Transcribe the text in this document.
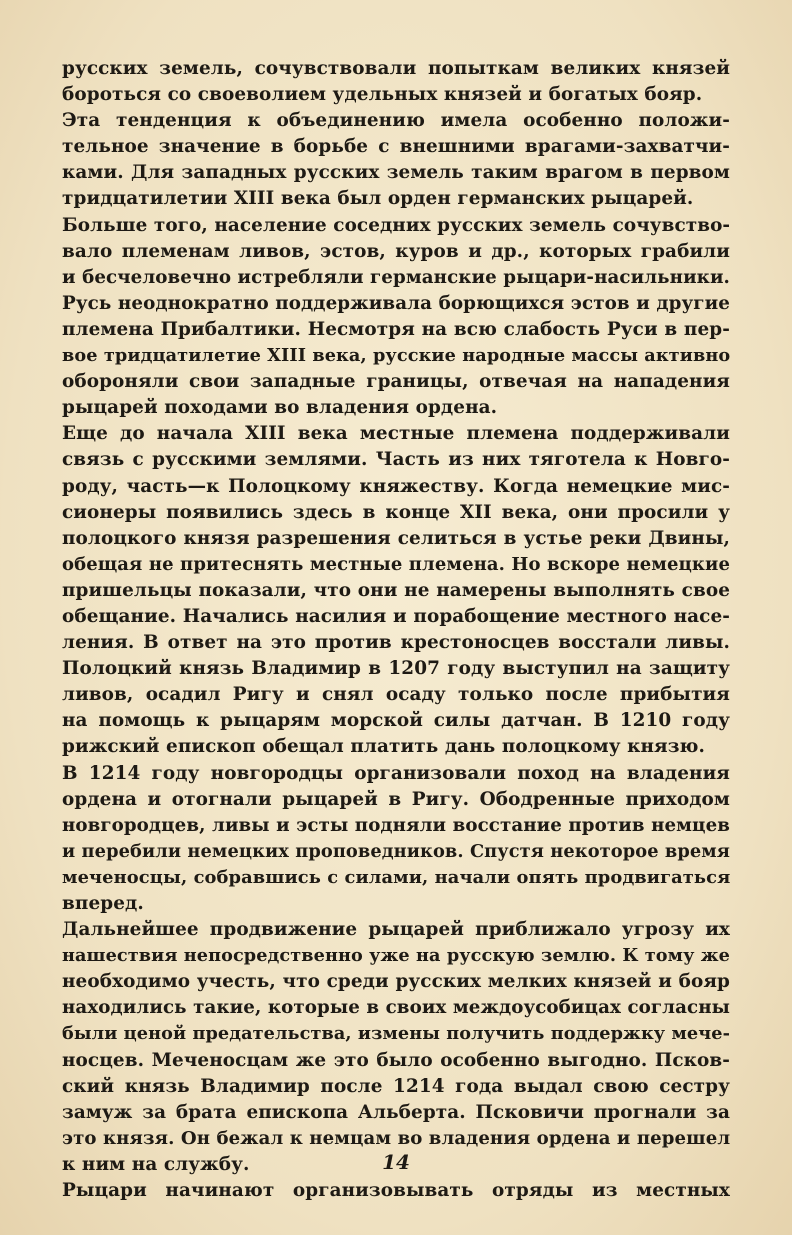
русских земель, сочувствовали попыткам великих князей

бороться со своеволием удельных князей и богатых бояр.

Эта тенденция к объединению имела особенно положи-

тельное значение в борьбе с внешними врагами-захватчи-

ками. Для западных русских земель таким врагом в первом

тридцатилетии XIII века был орден германских рыцарей.

Больше того, население соседних русских земель сочувство-

вало племенам ливов, эстов, куров и др., которых грабили

и бесчеловечно истребляли германские рыцари-насильники.

Русь неоднократно поддерживала борющихся эстов и другие

племена Прибалтики. Несмотря на всю слабость Руси в пер-

вое тридцатилетие XIII века, русские народные массы активно

обороняли свои западные границы, отвечая на нападения

рыцарей походами во владения ордена.

Еще до начала XIII века местные племена поддерживали

связь с русскими землями. Часть из них тяготела к Новго-

роду, часть—к Полоцкому княжеству. Когда немецкие мис-

сионеры появились здесь в конце XII века, они просили у

полоцкого князя разрешения селиться в устье реки Двины,

обещая не притеснять местные племена. Но вскоре немецкие

пришельцы показали, что они не намерены выполнять свое

обещание. Начались насилия и порабощение местного насе-

ления. В ответ на это против крестоносцев восстали ливы.

Полоцкий князь Владимир в 1207 году выступил на защиту

ливов, осадил Ригу и снял осаду только после прибытия

на помощь к рыцарям морской силы датчан. В 1210 году

рижский епископ обещал платить дань полоцкому князю.

В 1214 году новгородцы организовали поход на владения

ордена и отогнали рыцарей в Ригу. Ободренные приходом

новгородцев, ливы и эсты подняли восстание против немцев

и перебили немецких проповедников. Спустя некоторое время

меченосцы, собравшись с силами, начали опять продвигаться

вперед.

Дальнейшее продвижение рыцарей приближало угрозу их

нашествия непосредственно уже на русскую землю. К тому же

необходимо учесть, что среди русских мелких князей и бояр

находились такие, которые в своих междоусобицах согласны

были ценой предательства, измены получить поддержку мече-

носцев. Меченосцам же это было особенно выгодно. Псков-

ский князь Владимир после 1214 года выдал свою сестру

замуж за брата епископа Альберта. Псковичи прогнали за

это князя. Он бежал к немцам во владения ордена и перешел

к ним на службу.

Рыцари начинают организовывать отряды из местных

14
